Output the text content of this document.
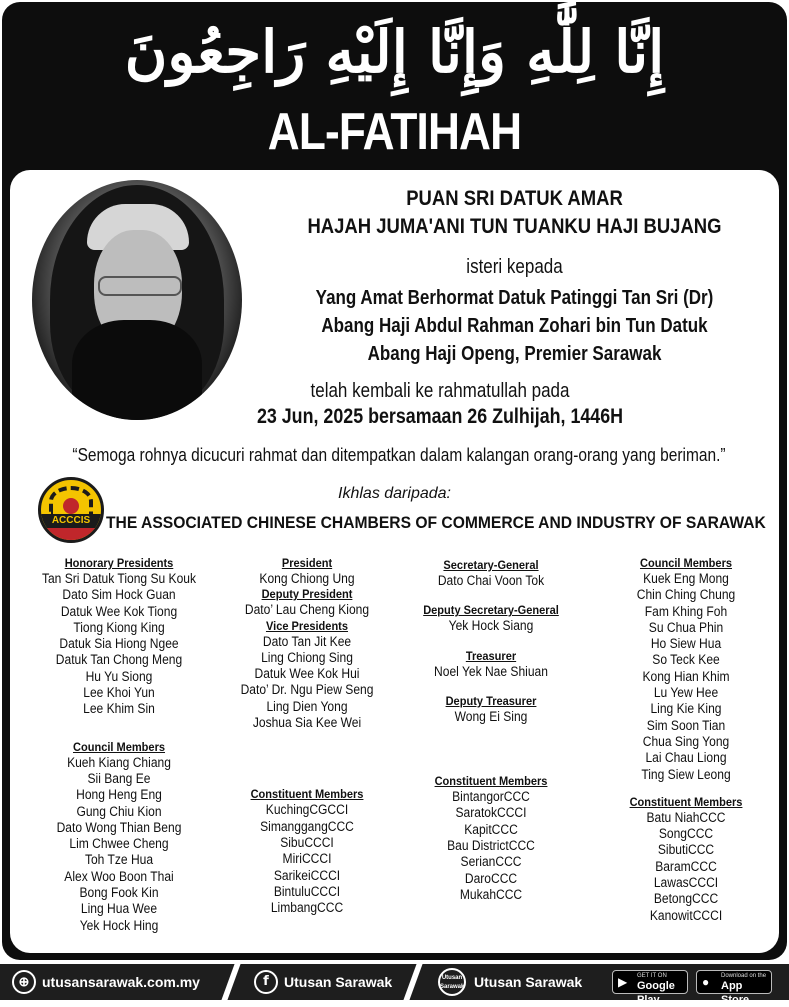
إِنَّا لِلَّٰهِ وَإِنَّا إِلَيْهِ رَاجِعُونَ
AL-FATIHAH
PUAN SRI DATUK AMAR
HAJAH JUMA'ANI TUN TUANKU HAJI BUJANG
isteri kepada
Yang Amat Berhormat Datuk Patinggi Tan Sri (Dr)
Abang Haji Abdul Rahman Zohari bin Tun Datuk
Abang Haji Openg, Premier Sarawak
telah kembali ke rahmatullah pada
23 Jun, 2025 bersamaan 26 Zulhijah, 1446H
“Semoga rohnya dicucuri rahmat dan ditempatkan dalam kalangan orang-orang yang beriman.”
Ikhlas daripada:
ACCCIS THE ASSOCIATED CHINESE CHAMBERS OF COMMERCE AND INDUSTRY OF SARAWAK
Honorary Presidents
Tan Sri Datuk Tiong Su Kouk
Dato Sim Hock Guan
Datuk Wee Kok Tiong
Tiong Kiong King
Datuk Sia Hiong Ngee
Datuk Tan Chong Meng
Hu Yu Siong
Lee Khoi Yun
Lee Khim Sin
Council Members
Kueh Kiang Chiang
Sii Bang Ee
Hong Heng Eng
Gung Chiu Kion
Dato Wong Thian Beng
Lim Chwee Cheng
Toh Tze Hua
Alex Woo Boon Thai
Bong Fook Kin
Ling Hua Wee
Yek Hock Hing
President
Kong Chiong Ung
Deputy President
Dato’ Lau Cheng Kiong
Vice Presidents
Dato Tan Jit Kee
Ling Chiong Sing
Datuk Wee Kok Hui
Dato’ Dr. Ngu Piew Seng
Ling Dien Yong
Joshua Sia Kee Wei
Constituent Members
KuchingCGCCI
SimanggangCCC
SibuCCCI
MiriCCCI
SarikeiCCCI
BintuluCCCI
LimbangCCC
Secretary-General
Dato Chai Voon Tok
Deputy Secretary-General
Yek Hock Siang
Treasurer
Noel Yek Nae Shiuan
Deputy Treasurer
Wong Ei Sing
Constituent Members
BintangorCCC
SaratokCCCI
KapitCCC
Bau DistrictCCC
SerianCCC
DaroCCC
MukahCCC
Council Members
Kuek Eng Mong
Chin Ching Chung
Fam Khing Foh
Su Chua Phin
Ho Siew Hua
So Teck Kee
Kong Hian Khim
Lu Yew Hee
Ling Kie King
Sim Soon Tian
Chua Sing Yong
Lai Chau Liong
Ting Siew Leong
Constituent Members
Batu NiahCCC
SongCCC
SibutiCCC
BaramCCC
LawasCCCI
BetongCCC
KanowitCCCI
⊕ utusansarawak.com.my	f	Utusan Sarawak	Utusan Sarawak Utusan Sarawak	▶ GET IT ON
Google Play
● Download on the
App Store
